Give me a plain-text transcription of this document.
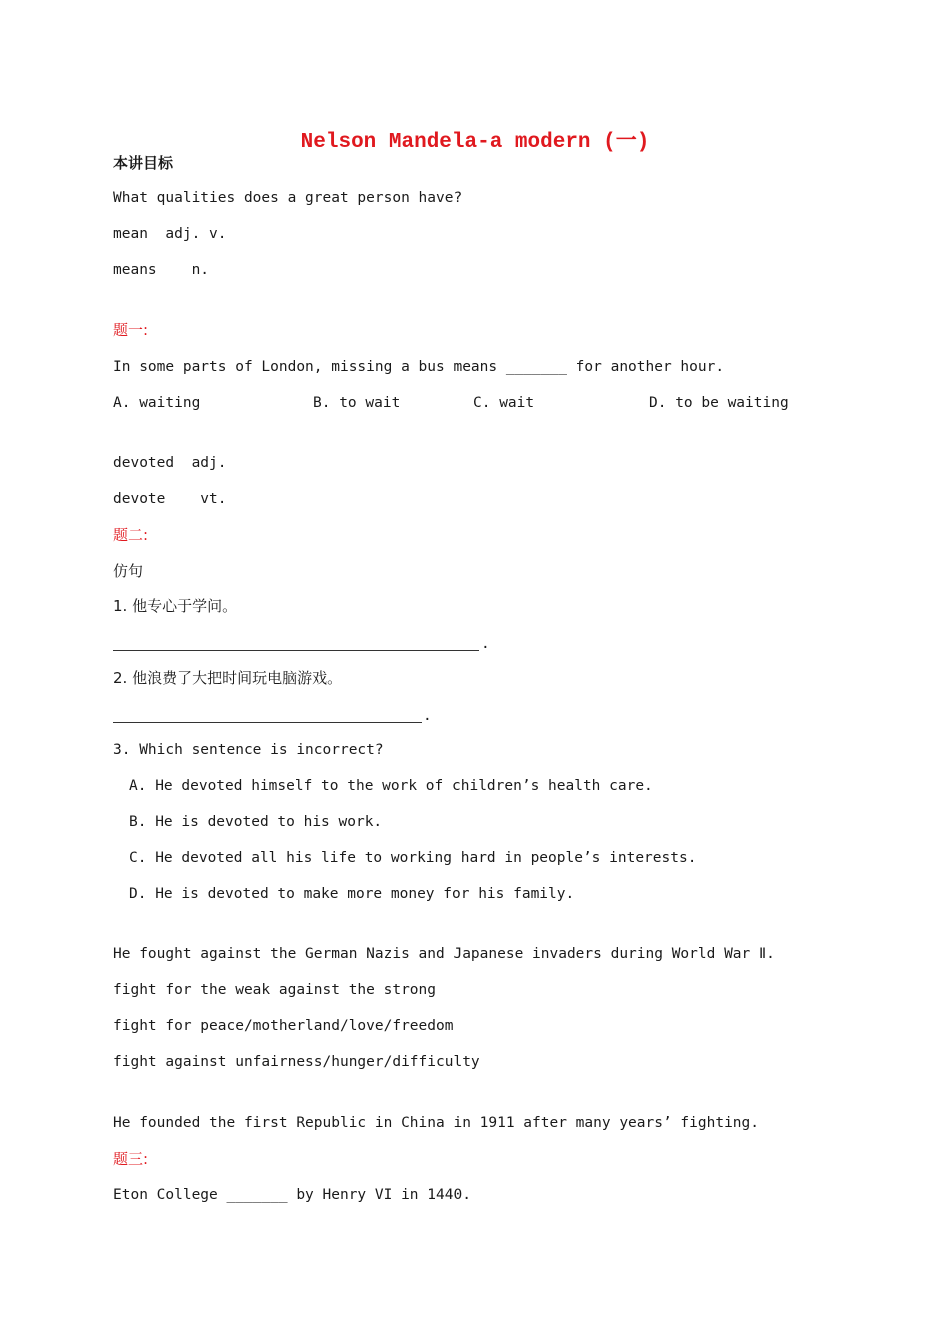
Nelson Mandela-a modern (一)
本讲目标
What qualities does a great person have?
mean  adj. v.
means    n.
题一:
In some parts of London, missing a bus means _______ for another hour.
A. waiting	B. to wait	C. wait	D. to be waiting
devoted  adj.
devote    vt.
题二:
仿句
1. 他专心于学问。
.
2. 他浪费了大把时间玩电脑游戏。
.
3. Which sentence is incorrect?
A. He devoted himself to the work of children’s health care.
B. He is devoted to his work.
C. He devoted all his life to working hard in people’s interests.
D. He is devoted to make more money for his family.
He fought against the German Nazis and Japanese invaders during World War Ⅱ.
fight for the weak against the strong
fight for peace/motherland/love/freedom
fight against unfairness/hunger/difficulty
He founded the first Republic in China in 1911 after many years’ fighting.
题三:
Eton College _______ by Henry VI in 1440.
